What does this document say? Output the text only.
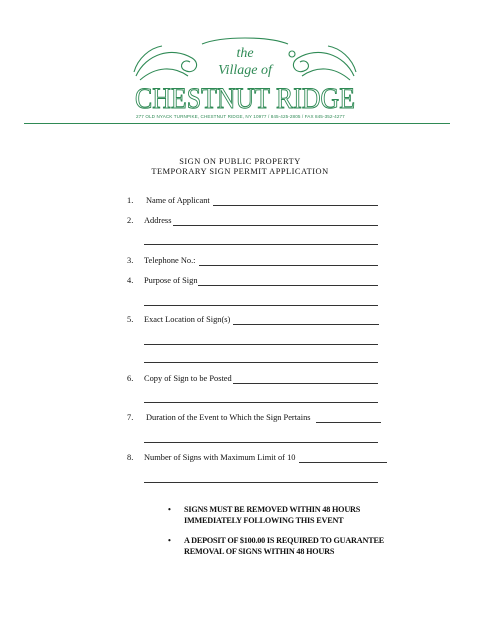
the
Village of
CHESTNUT RIDGE
277 OLD NYACK TURNPIKE, CHESTNUT RIDGE, NY 10977 / 845-425-2805 / FAX 845-352-4277
SIGN ON PUBLIC PROPERTY
TEMPORARY SIGN PERMIT APPLICATION
1. Name of Applicant
2. Address
3. Telephone No.:
4. Purpose of Sign
5. Exact Location of Sign(s)
6. Copy of Sign to be Posted
7. Duration of the Event to Which the Sign Pertains
8. Number of Signs with Maximum Limit of 10
•	SIGNS MUST BE REMOVED WITHIN 48 HOURS
IMMEDIATELY FOLLOWING THIS EVENT
•	A DEPOSIT OF $100.00 IS REQUIRED TO GUARANTEE
REMOVAL OF SIGNS WITHIN 48 HOURS
